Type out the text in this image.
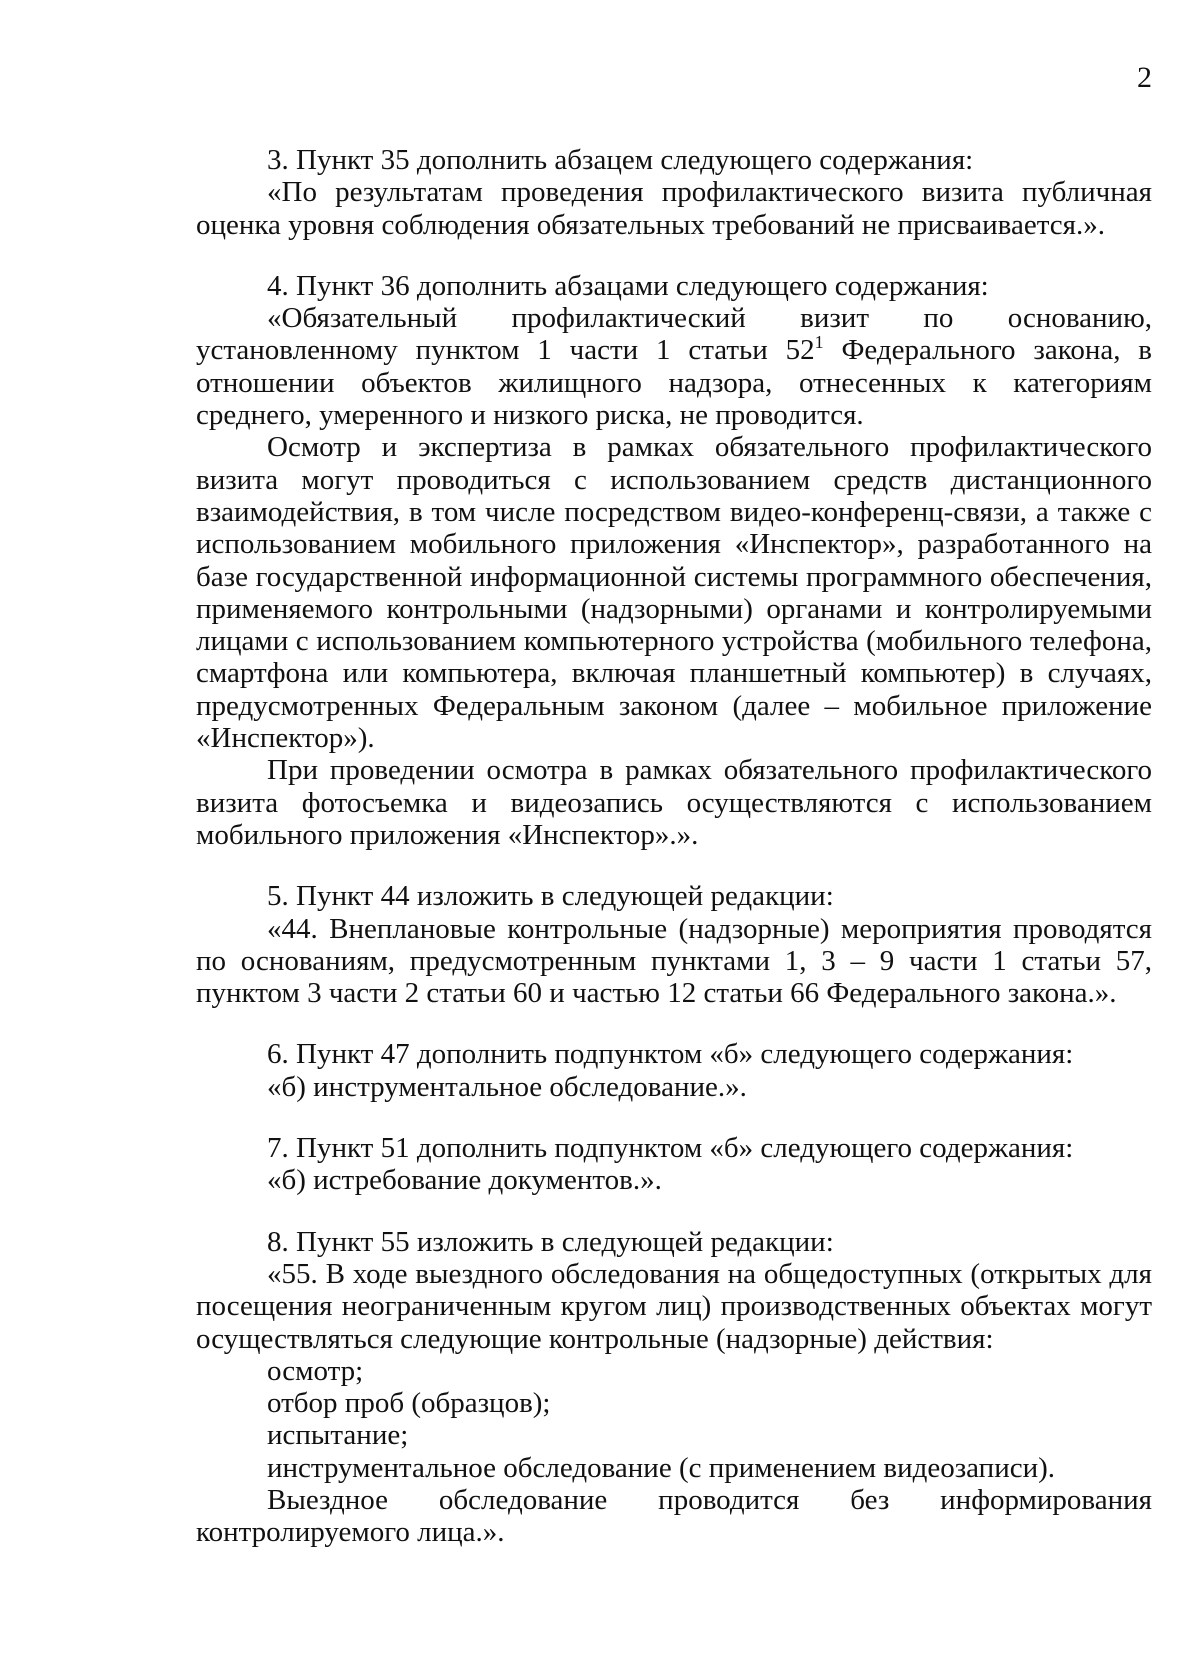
2

3. Пункт 35 дополнить абзацем следующего содержания:

«По результатам проведения профилактического визита публичная оценка уровня соблюдения обязательных требований не присваивается.».

4. Пункт 36 дополнить абзацами следующего содержания:

«Обязательный профилактический визит по основанию, установленному пунктом 1 части 1 статьи $52^1$ Федерального закона, в отношении объектов жилищного надзора, отнесенных к категориям среднего, умеренного и низкого риска, не проводится.

Осмотр и экспертиза в рамках обязательного профилактического визита могут проводиться с использованием средств дистанционного взаимодействия, в том числе посредством видео-конференц-связи, а также с использованием мобильного приложения «Инспектор», разработанного на базе государственной информационной системы программного обеспечения, применяемого контрольными (надзорными) органами и контролируемыми лицами с использованием компьютерного устройства (мобильного телефона, смартфона или компьютера, включая планшетный компьютер) в случаях, предусмотренных Федеральным законом (далее – мобильное приложение «Инспектор»).

При проведении осмотра в рамках обязательного профилактического визита фотосъемка и видеозапись осуществляются с использованием мобильного приложения «Инспектор».».

5. Пункт 44 изложить в следующей редакции:

«44. Внеплановые контрольные (надзорные) мероприятия проводятся по основаниям, предусмотренным пунктами 1, 3 – 9 части 1 статьи 57, пунктом 3 части 2 статьи 60 и частью 12 статьи 66 Федерального закона.».

6. Пункт 47 дополнить подпунктом «б» следующего содержания:

«б) инструментальное обследование.».

7. Пункт 51 дополнить подпунктом «б» следующего содержания:

«б) истребование документов.».

8. Пункт 55 изложить в следующей редакции:

«55. В ходе выездного обследования на общедоступных (открытых для посещения неограниченным кругом лиц) производственных объектах могут осуществляться следующие контрольные (надзорные) действия:

осмотр;

отбор проб (образцов);

испытание;

инструментальное обследование (с применением видеозаписи).

Выездное обследование проводится без информирования контролируемого лица.».
